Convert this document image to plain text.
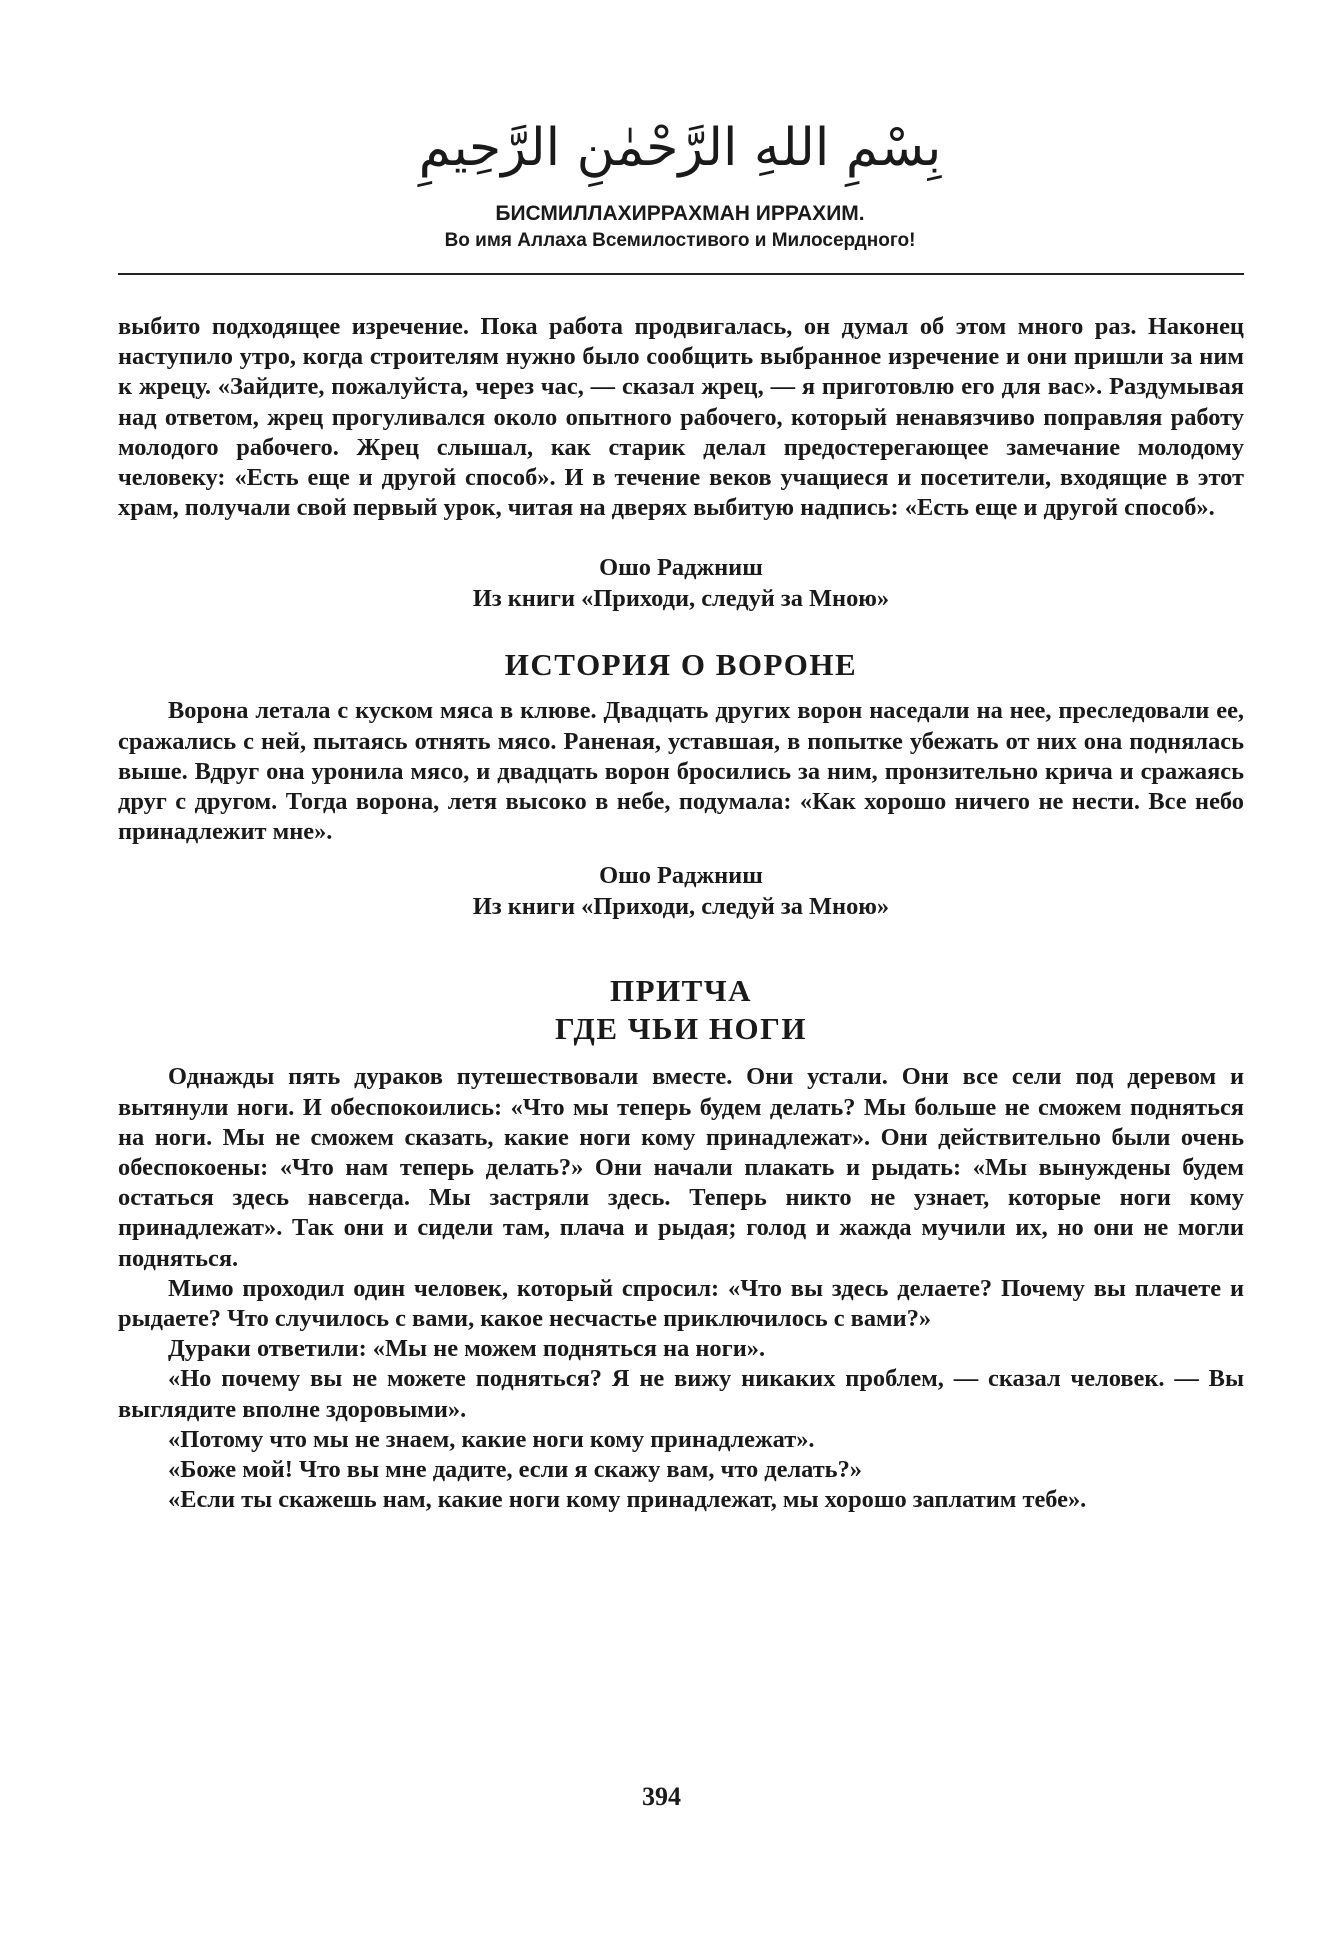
بِسْمِ اللهِ الرَّحْمٰنِ الرَّحِيمِ
БИСМИЛЛАХИРРАХМАН ИРРАХИМ.
Во имя Аллаха Всемилостивого и Милосердного!

выбито подходящее изречение. Пока работа продвигалась, он думал об этом много раз. Наконец наступило утро, когда строителям нужно было сообщить выбранное изречение и они пришли за ним к жрецу. «Зайдите, пожалуйста, через час, — сказал жрец, — я приготовлю его для вас». Раздумывая над ответом, жрец прогуливался около опытного рабочего, который ненавязчиво поправляя работу молодого рабочего. Жрец слышал, как старик делал предостерегающее замечание молодому человеку: «Есть еще и другой способ». И в течение веков учащиеся и посетители, входящие в этот храм, получали свой первый урок, читая на дверях выбитую надпись: «Есть еще и другой способ».

Ошо Раджниш
Из книги «Приходи, следуй за Мною»
ИСТОРИЯ О ВОРОНЕ

Ворона летала с куском мяса в клюве. Двадцать других ворон наседали на нее, преследовали ее, сражались с ней, пытаясь отнять мясо. Раненая, уставшая, в попытке убежать от них она поднялась выше. Вдруг она уронила мясо, и двадцать ворон бросились за ним, пронзительно крича и сражаясь друг с другом. Тогда ворона, летя высоко в небе, подумала: «Как хорошо ничего не нести. Все небо принадлежит мне».

Ошо Раджниш
Из книги «Приходи, следуй за Мною»
ПРИТЧА
ГДЕ ЧЬИ НОГИ

Однажды пять дураков путешествовали вместе. Они устали. Они все сели под деревом и вытянули ноги. И обеспокоились: «Что мы теперь будем делать? Мы больше не сможем подняться на ноги. Мы не сможем сказать, какие ноги кому принадлежат». Они действительно были очень обеспокоены: «Что нам теперь делать?» Они начали плакать и рыдать: «Мы вынуждены будем остаться здесь навсегда. Мы застряли здесь. Теперь никто не узнает, которые ноги кому принадлежат». Так они и сидели там, плача и рыдая; голод и жажда мучили их, но они не могли подняться.

Мимо проходил один человек, который спросил: «Что вы здесь делаете? Почему вы плачете и рыдаете? Что случилось с вами, какое несчастье приключилось с вами?»

Дураки ответили: «Мы не можем подняться на ноги».

«Но почему вы не можете подняться? Я не вижу никаких проблем, — сказал человек. — Вы выглядите вполне здоровыми».

«Потому что мы не знаем, какие ноги кому принадлежат».

«Боже мой! Что вы мне дадите, если я скажу вам, что делать?»

«Если ты скажешь нам, какие ноги кому принадлежат, мы хорошо заплатим тебе».

394
